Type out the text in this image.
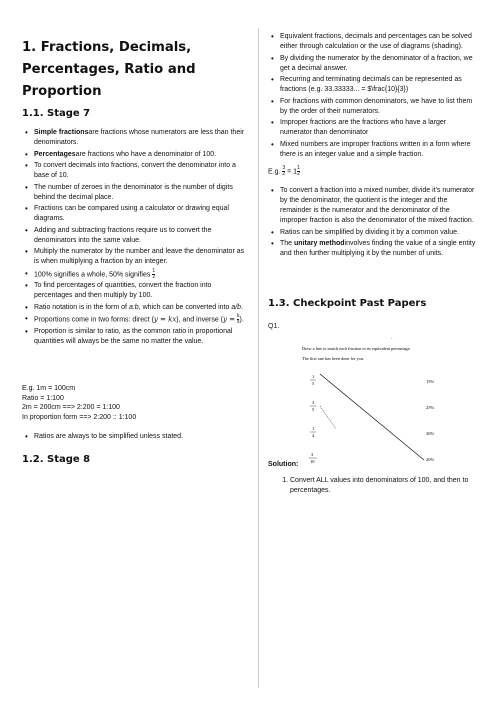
1. Fractions, Decimals, Percentages, Ratio and Proportion
1.1. Stage 7
• Simple fractionsare fractions whose numerators are less than their denominators.
• Percentagesare fractions who have a denominator of 100.
• To convert decimals into fractions, convert the denominator into a base of 10.
• The number of zeroes in the denominator is the number of digits behind the decimal place.
• Fractions can be compared using a calculator or drawing equal diagrams.
• Adding and subtracting fractions require us to convert the denominators into the same value.
• Multiply the numerator by the number and leave the denominator as is when multiplying a fraction by an integer.
• 100% signifies a whole, 50% signifies $\frac{1}{2}$
• To find percentages of quantities, convert the fraction into percentages and then multiply by 100.
• Ratio notation is in the form of a:b, which can be converted into a/b.
• Proportions come in two forms: direct (y = kx), and inverse ($y = \frac{k}{x}$ ).
• Proportion is similar to ratio, as the common ratio in proportional quantities will always be the same no matter the value.
E.g. 1m = 100cm
Ratio = 1:100
2m = 200cm ==> 2:200 = 1:100
In proportion form ==> 2:200 :: 1:100
• Ratios are always to be simplified unless stated.
1.2. Stage 8
• Equivalent fractions, decimals and percentages can be solved either through calculation or the use of diagrams (shading).
• By dividing the numerator by the denominator of a fraction, we get a decimal answer.
• Recurring and terminating decimals can be represented as fractions (e.g. 33.33333... = $\frac{10}{3})
• For fractions with common denominators, we have to list them by the order of their numerators.
• Improper fractions are the fractions who have a larger numerator than denominator
• Mixed numbers are improper fractions written in a form where there is an integer value and a simple fraction.
E.g. $\frac{3}{2} = 1 \frac{1}{2}$
• To convert a fraction into a mixed number, divide it's numerator by the denominator, the quotient is the integer and the remainder is the numerator and the denominator of the improper fraction is also the denominator of the mixed fraction.
• Ratios can be simplified by dividing it by a common value.
• The unitary methodinvolves finding the value of a single entity and then further multiplying it by the number of units.
1.3. Checkpoint Past Papers
Q1.
·
Draw a line to match each fraction to its equivalent percentage.
The first one has been done for you.
1
5
3
5
1
4
3
10
15%
25%
30%
20%
Solution:
1. Convert ALL values into denominators of 100, and then to percentages.
